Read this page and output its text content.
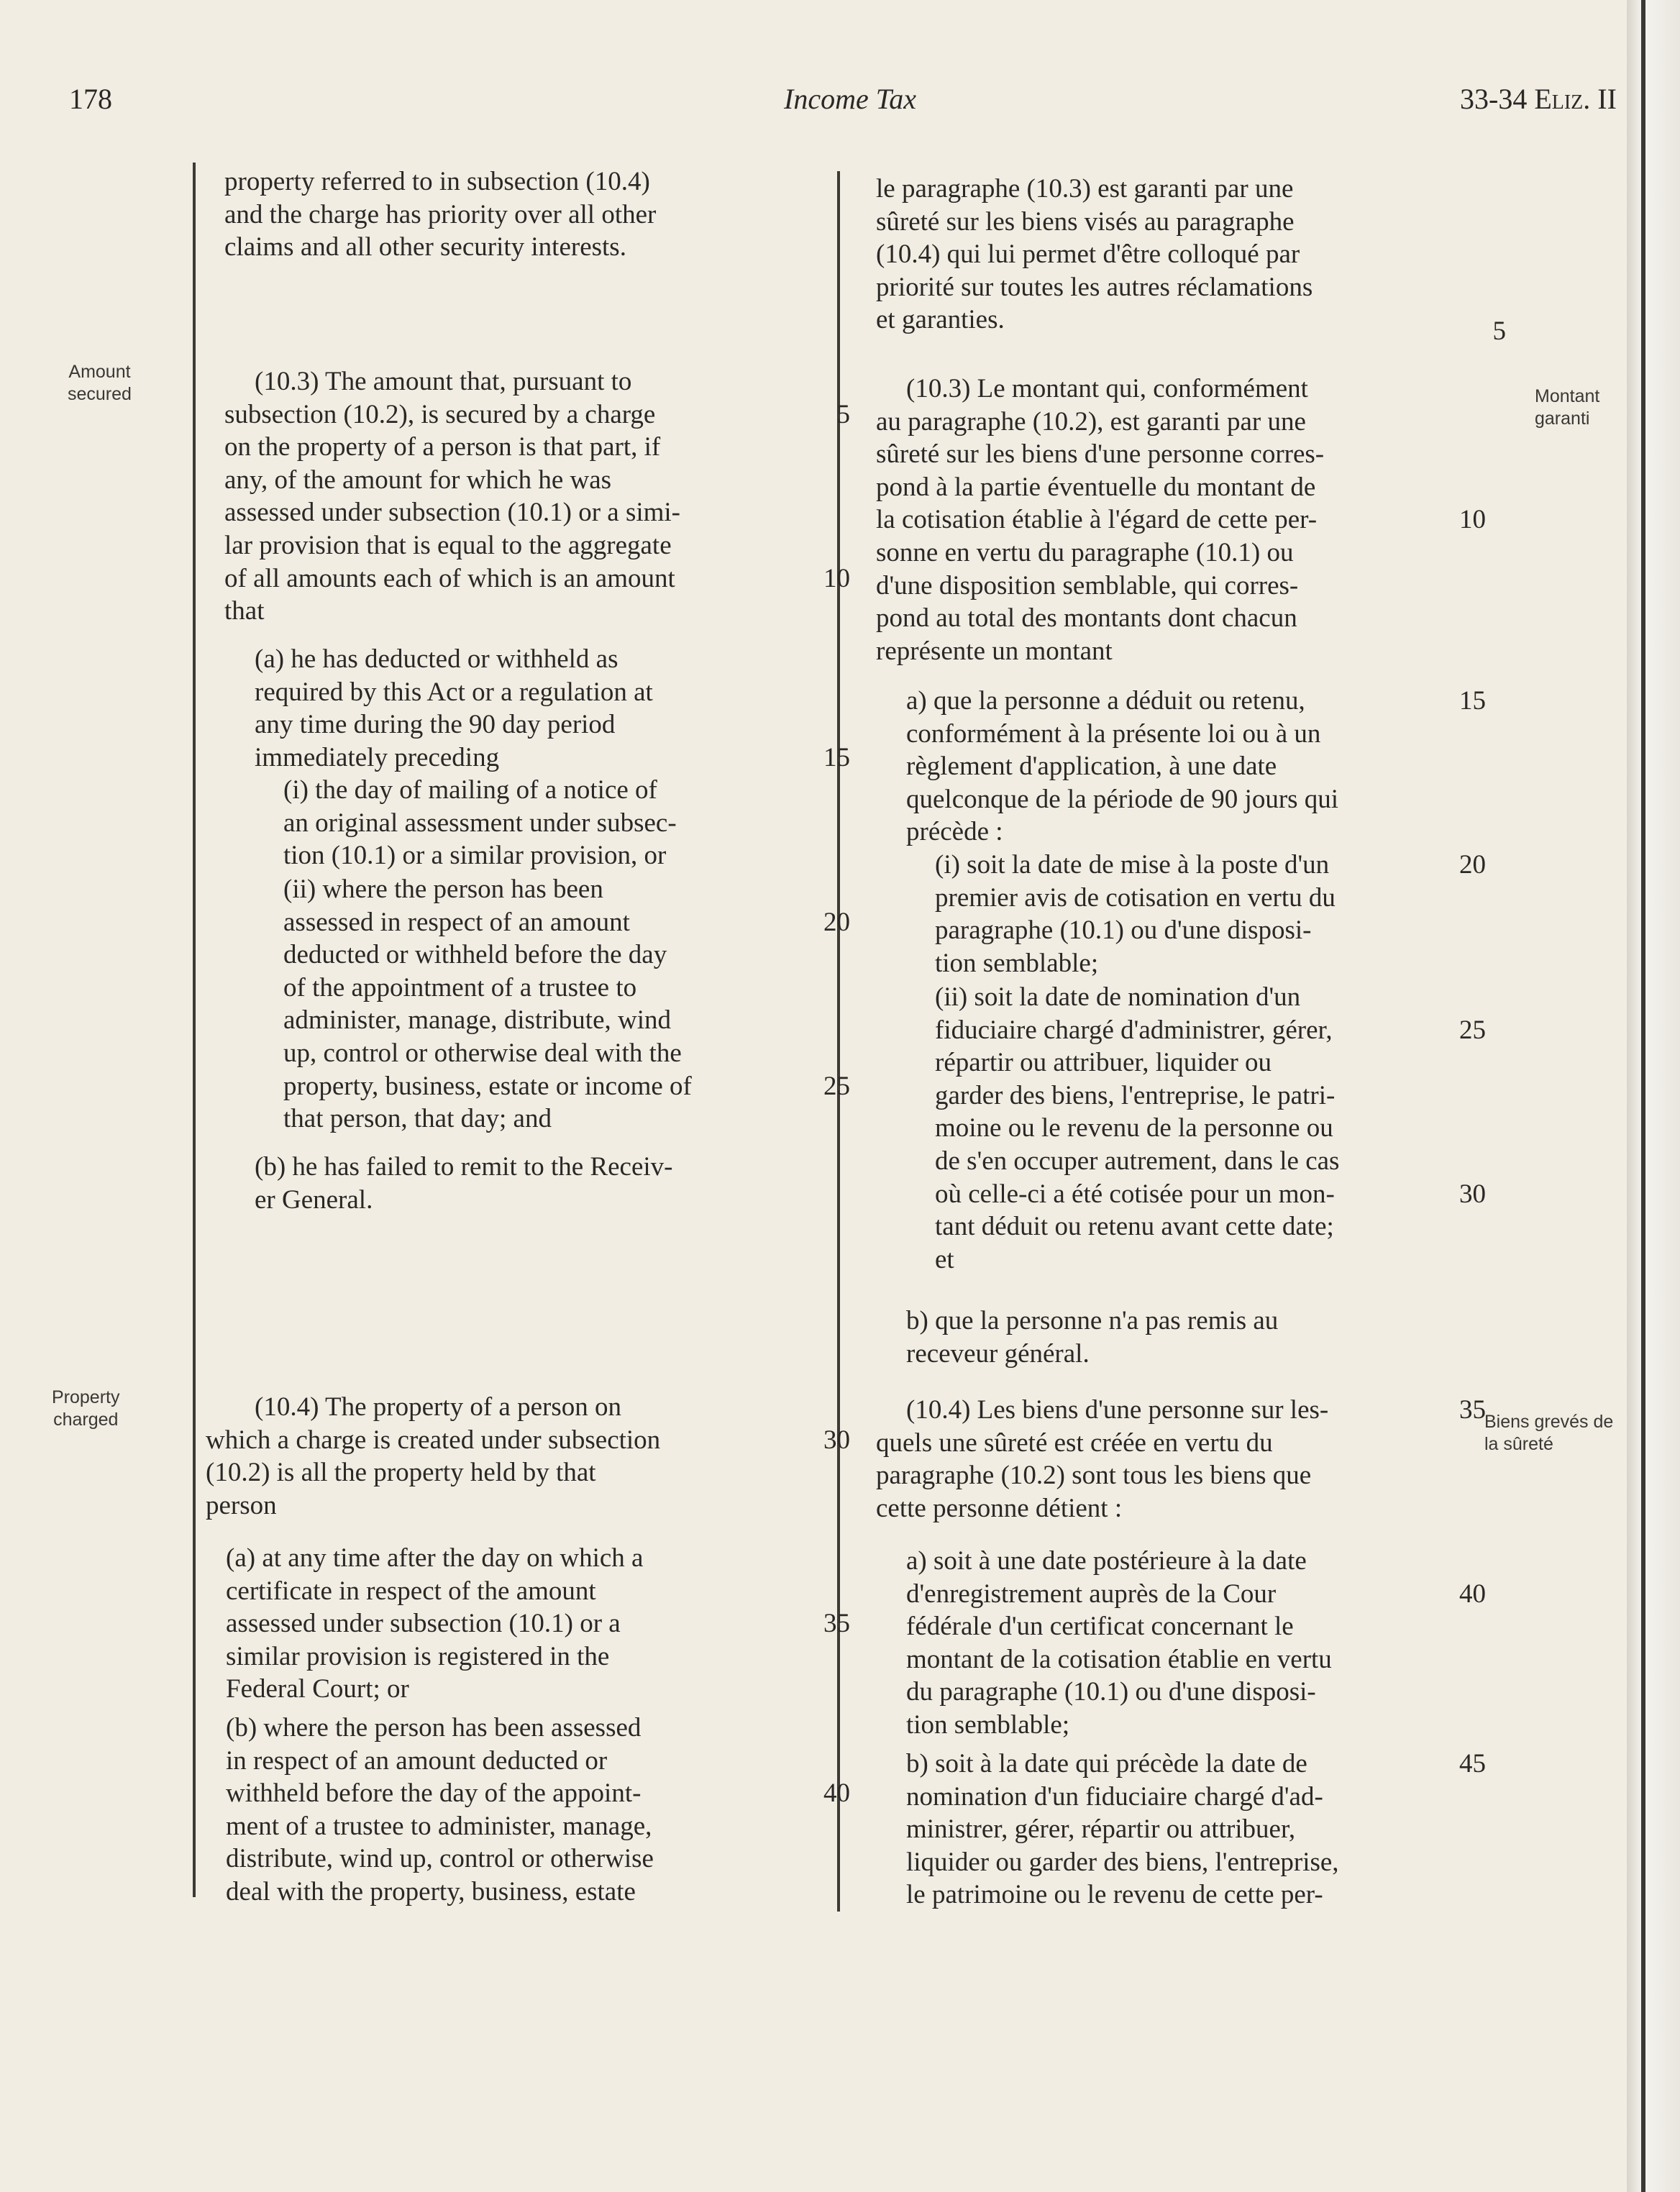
178	Income Tax	33-34 Eliz. II
Amount
secured
Property
charged
Montant
garanti
Biens grevés de
la sûreté
property referred to in subsection (10.4)
and the charge has priority over all other
claims and all other security interests.
(10.3) The amount that, pursuant to
subsection (10.2), is secured by a charge	5
on the property of a person is that part, if
any, of the amount for which he was
assessed under subsection (10.1) or a simi-
lar provision that is equal to the aggregate
of all amounts each of which is an amount	10
that
(a) he has deducted or withheld as
required by this Act or a regulation at
any time during the 90 day period
immediately preceding	15
(i) the day of mailing of a notice of
an original assessment under subsec-
tion (10.1) or a similar provision, or
(ii) where the person has been
assessed in respect of an amount	20
deducted or withheld before the day
of the appointment of a trustee to
administer, manage, distribute, wind
up, control or otherwise deal with the
property, business, estate or income of	25
that person, that day; and
(b) he has failed to remit to the Receiv-
er General.
(10.4) The property of a person on
which a charge is created under subsection	30
(10.2) is all the property held by that
person
(a) at any time after the day on which a
certificate in respect of the amount
assessed under subsection (10.1) or a	35
similar provision is registered in the
Federal Court; or
(b) where the person has been assessed
in respect of an amount deducted or
withheld before the day of the appoint-	40
ment of a trustee to administer, manage,
distribute, wind up, control or otherwise
deal with the property, business, estate
le paragraphe (10.3) est garanti par une
sûreté sur les biens visés au paragraphe
(10.4) qui lui permet d'être colloqué par
priorité sur toutes les autres réclamations
et garanties.	5
(10.3) Le montant qui, conformément
au paragraphe (10.2), est garanti par une
sûreté sur les biens d'une personne corres-
pond à la partie éventuelle du montant de
la cotisation établie à l'égard de cette per-	10
sonne en vertu du paragraphe (10.1) ou
d'une disposition semblable, qui corres-
pond au total des montants dont chacun
représente un montant
a) que la personne a déduit ou retenu,	15
conformément à la présente loi ou à un
règlement d'application, à une date
quelconque de la période de 90 jours qui
précède :
(i) soit la date de mise à la poste d'un	20
premier avis de cotisation en vertu du
paragraphe (10.1) ou d'une disposi-
tion semblable;
(ii) soit la date de nomination d'un
fiduciaire chargé d'administrer, gérer,	25
répartir ou attribuer, liquider ou
garder des biens, l'entreprise, le patri-
moine ou le revenu de la personne ou
de s'en occuper autrement, dans le cas
où celle-ci a été cotisée pour un mon-	30
tant déduit ou retenu avant cette date;
et
b) que la personne n'a pas remis au
receveur général.
(10.4) Les biens d'une personne sur les-	35
quels une sûreté est créée en vertu du
paragraphe (10.2) sont tous les biens que
cette personne détient :
a) soit à une date postérieure à la date
d'enregistrement auprès de la Cour	40
fédérale d'un certificat concernant le
montant de la cotisation établie en vertu
du paragraphe (10.1) ou d'une disposi-
tion semblable;
b) soit à la date qui précède la date de	45
nomination d'un fiduciaire chargé d'ad-
ministrer, gérer, répartir ou attribuer,
liquider ou garder des biens, l'entreprise,
le patrimoine ou le revenu de cette per-
